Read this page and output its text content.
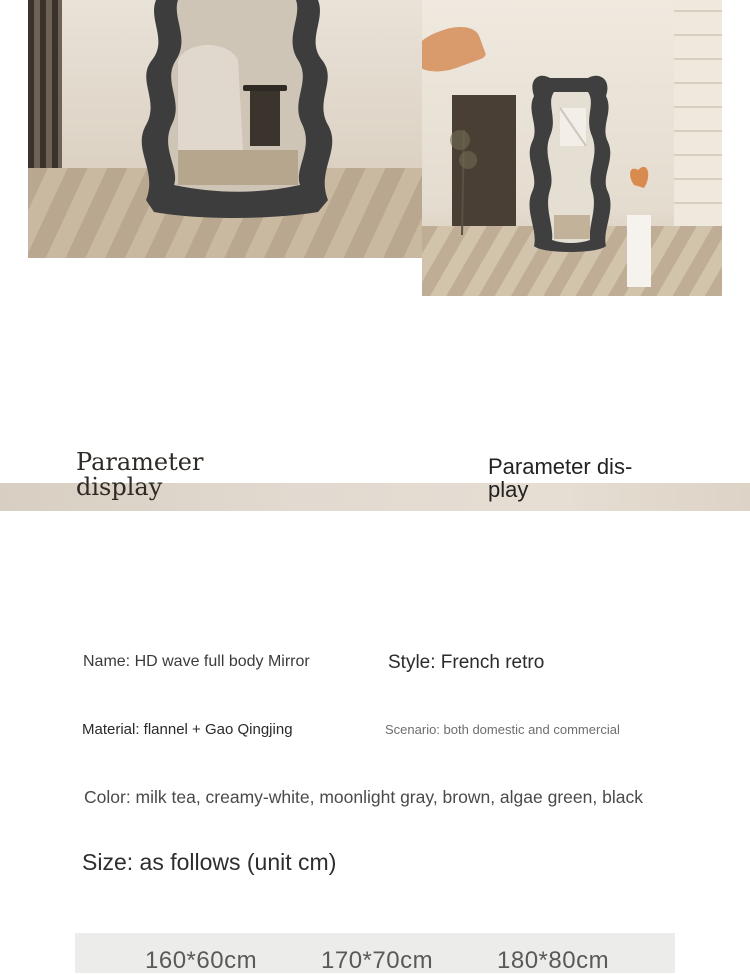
Parameter display
Parameter dis-play
Name: HD wave full body Mirror	Style: French retro
Material: flannel + Gao Qingjing	Scenario: both domestic and commercial
Color: milk tea, creamy-white, moonlight gray, brown, algae green, black
Size: as follows (unit cm)
160*60cm	170*70cm	180*80cm
